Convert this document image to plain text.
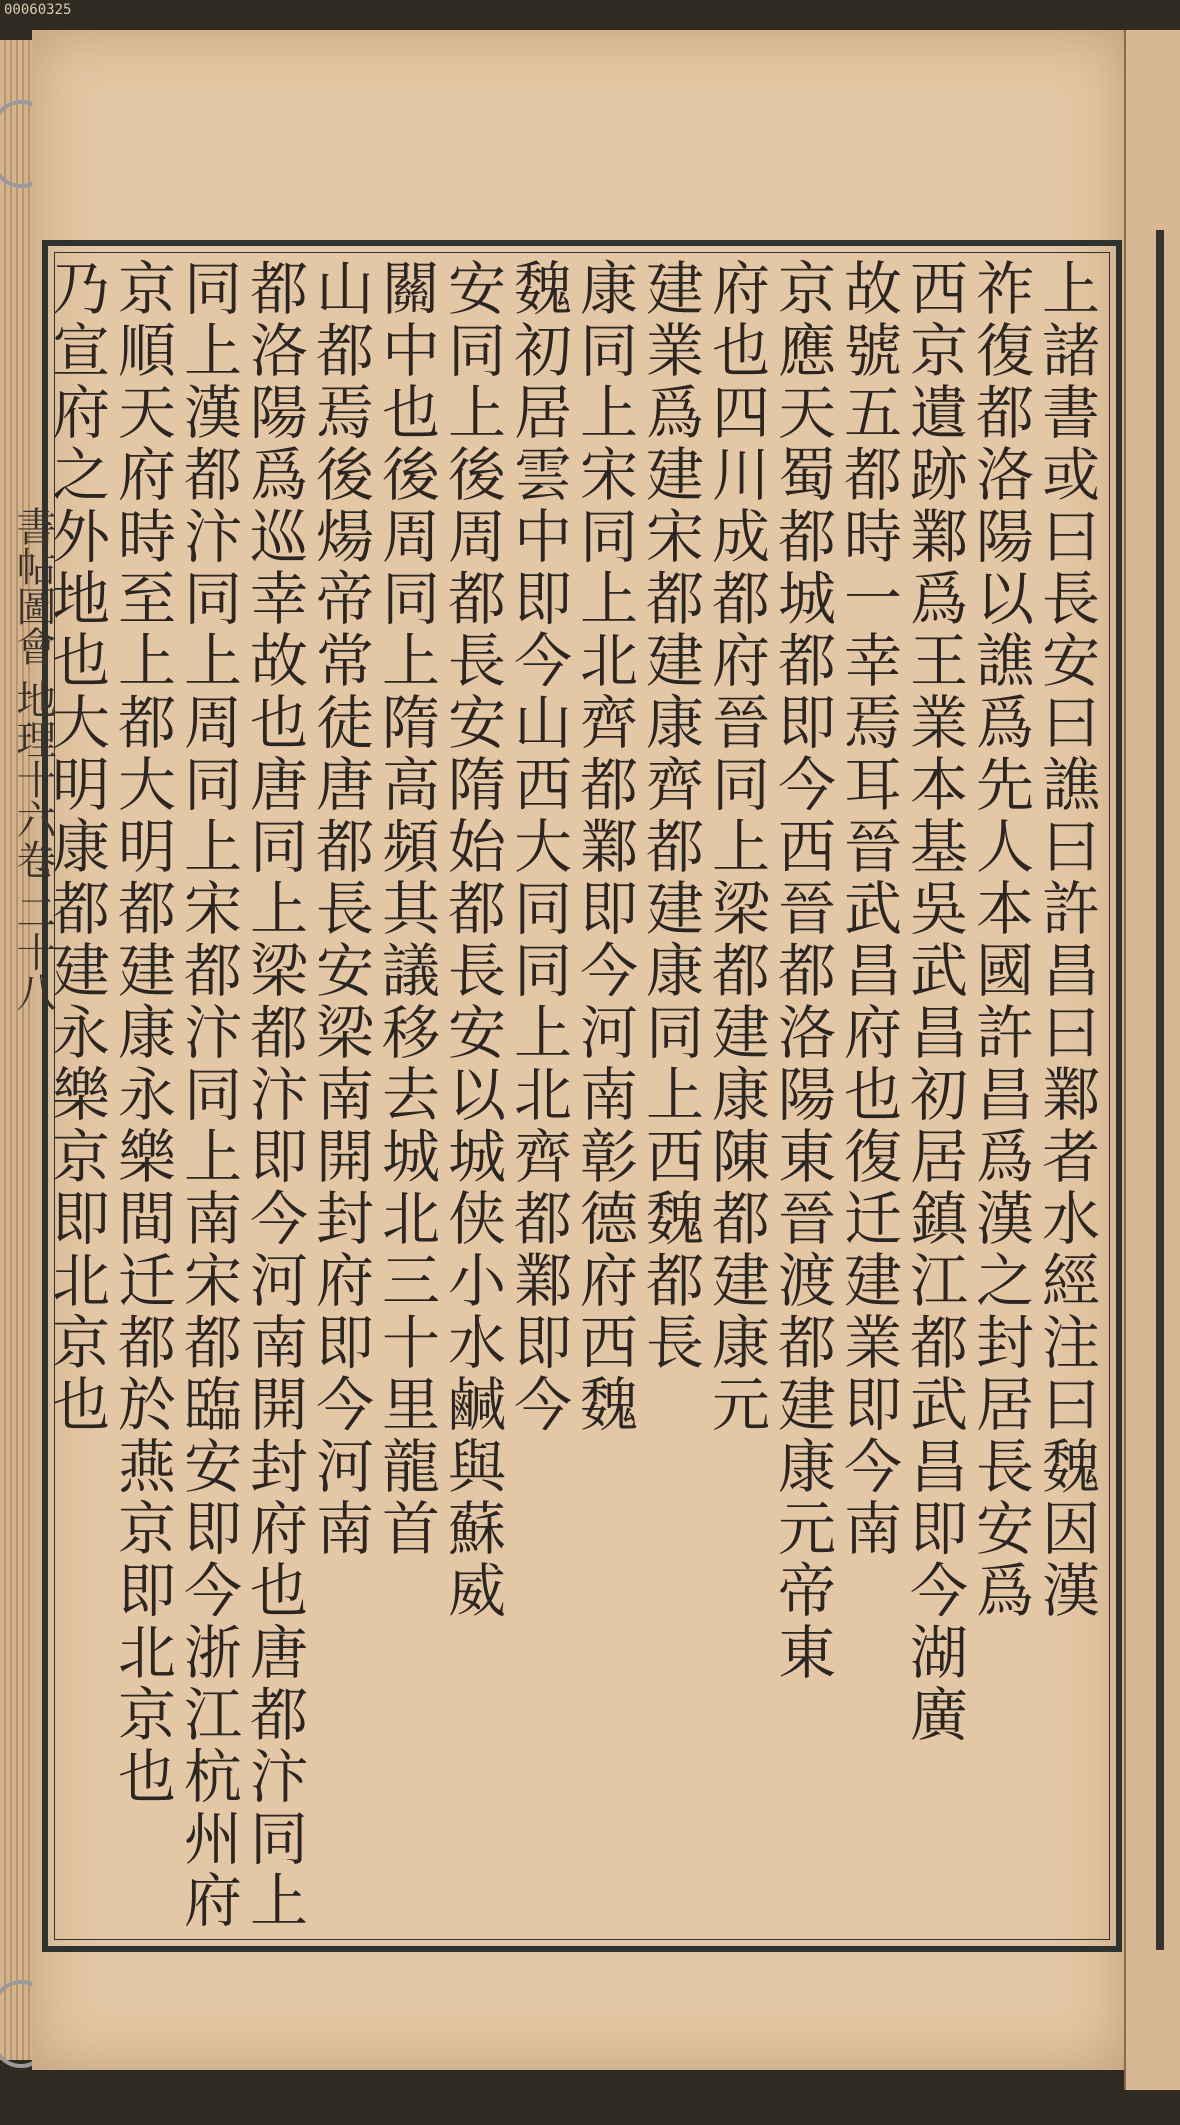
00060325
書帖圖會 地理十六卷 二十八
上
諸
書
或
曰
長
安
曰
譙
曰
許
昌
曰
鄴
者
水
經
注
曰
魏
因
漢
祚
復
都
洛
陽
以
譙
爲
先
人
本
國
許
昌
爲
漢
之
封
居
長
安
爲
西
京
遺
跡
鄴
爲
王
業
本
基
吳
武
昌
初
居
鎮
江
都
武
昌
即
今
湖
廣
故
號
五
都
時
一
幸
焉
耳
晉
武
昌
府
也
復
迁
建
業
即
今
南
京
應
天
蜀
都
城
都
即
今
西
晉
都
洛
陽
東
晉
渡
都
建
康
元
帝
東
府
也
四
川
成
都
府
晉
同
上
梁
都
建
康
陳
都
建
康
元
建
業
爲
建
宋
都
建
康
齊
都
建
康
同
上
西
魏
都
長
康
同
上
宋
同
上
北
齊
都
鄴
即
今
河
南
彰
德
府
西
魏
魏
初
居
雲
中
即
今
山
西
大
同
同
上
北
齊
都
鄴
即
今
安
同
上
後
周
都
長
安
隋
始
都
長
安
以
城
侠
小
水
鹹
與
蘇
威
關
中
也
後
周
同
上
隋
高
頻
其
議
移
去
城
北
三
十
里
龍
首
山
都
焉
後
煬
帝
常
徒
唐
都
長
安
梁
南
開
封
府
即
今
河
南
都
洛
陽
爲
巡
幸
故
也
唐
同
上
梁
都
汴
即
今
河
南
開
封
府
也
唐
都
汴
同
上
同
上
漢
都
汴
同
上
周
同
上
宋
都
汴
同
上
南
宋
都
臨
安
即
今
浙
江
杭
州
府
京
順
天
府
時
至
上
都
大
明
都
建
康
永
樂
間
迁
都
於
燕
京
即
北
京
也
乃
宣
府
之
外
地
也
大
明
康
都
建
永
樂
京
即
北
京
也
